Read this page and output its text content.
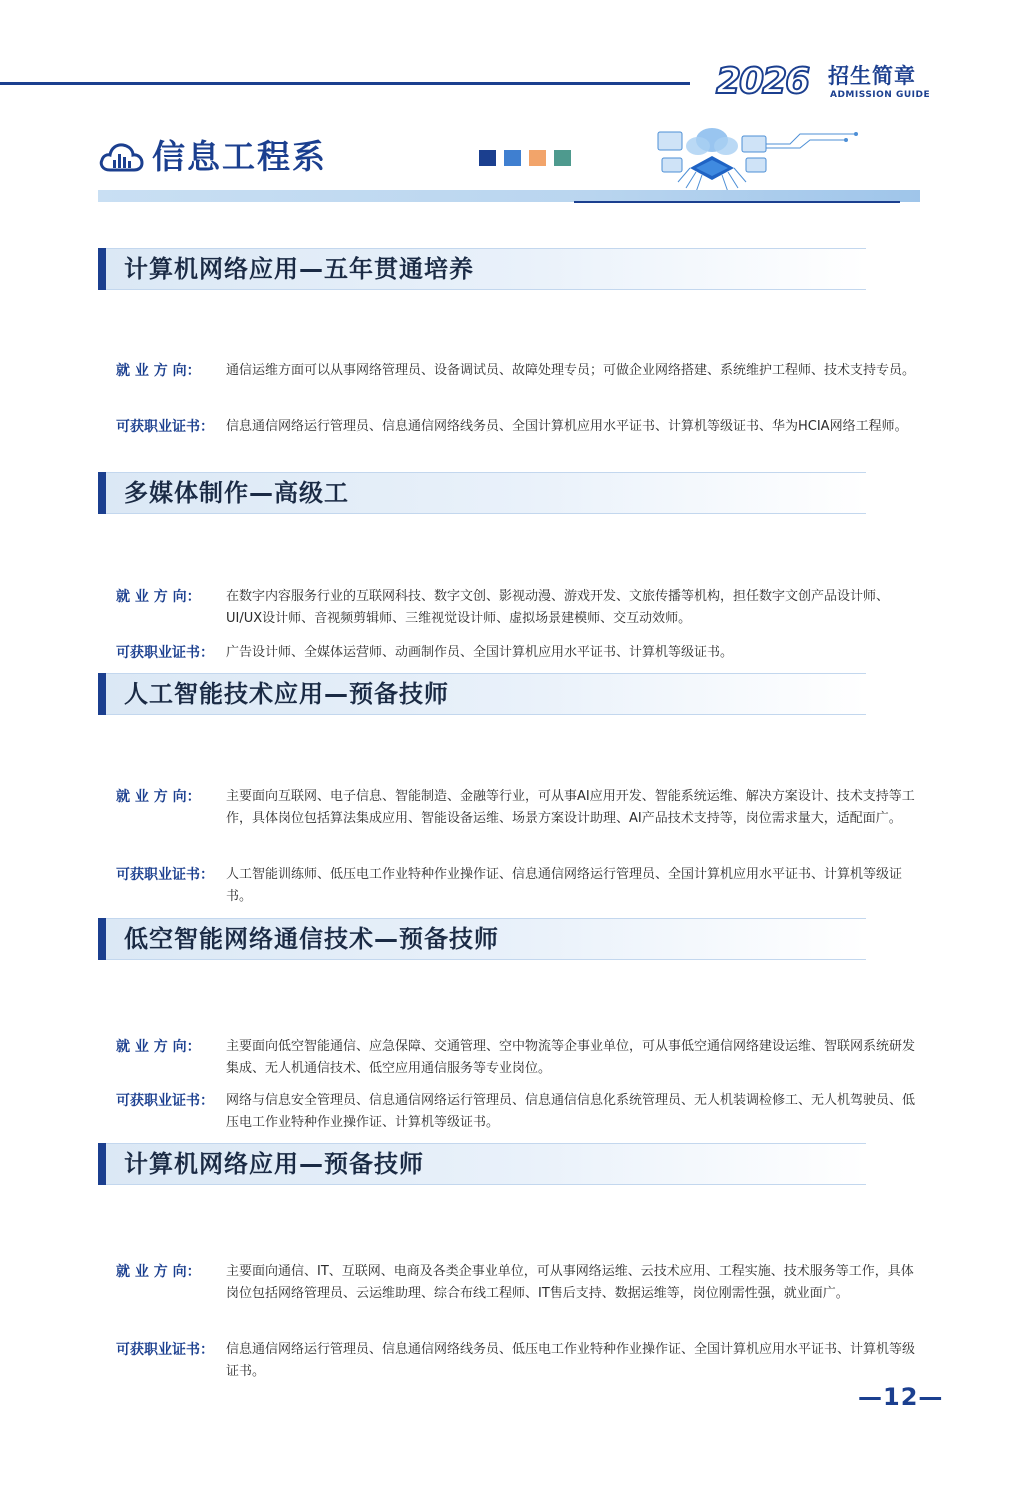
2026 招生简章
ADMISSION GUIDE
信息工程系
计算机网络应用—五年贯通培养
就 业 方 向：	通信运维方面可以从事网络管理员、设备调试员、故障处理专员；可做企业网络搭建、系统维护工程师、技术支持专员。
可获职业证书： 信息通信网络运行管理员、信息通信网络线务员、全国计算机应用水平证书、计算机等级证书、华为HCIA网络工程师。
多媒体制作—高级工
就 业 方 向：	在数字内容服务行业的互联网科技、数字文创、影视动漫、游戏开发、文旅传播等机构，担任数字文创产品设计师、UI/UX设计师、音视频剪辑师、三维视觉设计师、虚拟场景建模师、交互动效师。
可获职业证书： 广告设计师、全媒体运营师、动画制作员、全国计算机应用水平证书、计算机等级证书。
人工智能技术应用—预备技师
就 业 方 向：	主要面向互联网、电子信息、智能制造、金融等行业，可从事AI应用开发、智能系统运维、解决方案设计、技术支持等工作，具体岗位包括算法集成应用、智能设备运维、场景方案设计助理、AI产品技术支持等，岗位需求量大，适配面广。
可获职业证书： 人工智能训练师、低压电工作业特种作业操作证、信息通信网络运行管理员、全国计算机应用水平证书、计算机等级证书。
低空智能网络通信技术—预备技师
就 业 方 向：	主要面向低空智能通信、应急保障、交通管理、空中物流等企事业单位，可从事低空通信网络建设运维、智联网系统研发集成、无人机通信技术、低空应用通信服务等专业岗位。
可获职业证书： 网络与信息安全管理员、信息通信网络运行管理员、信息通信信息化系统管理员、无人机装调检修工、无人机驾驶员、低压电工作业特种作业操作证、计算机等级证书。
计算机网络应用—预备技师
就 业 方 向：	主要面向通信、IT、互联网、电商及各类企事业单位，可从事网络运维、云技术应用、工程实施、技术服务等工作，具体岗位包括网络管理员、云运维助理、综合布线工程师、IT售后支持、数据运维等，岗位刚需性强，就业面广。
可获职业证书： 信息通信网络运行管理员、信息通信网络线务员、低压电工作业特种作业操作证、全国计算机应用水平证书、计算机等级证书。
—12—
